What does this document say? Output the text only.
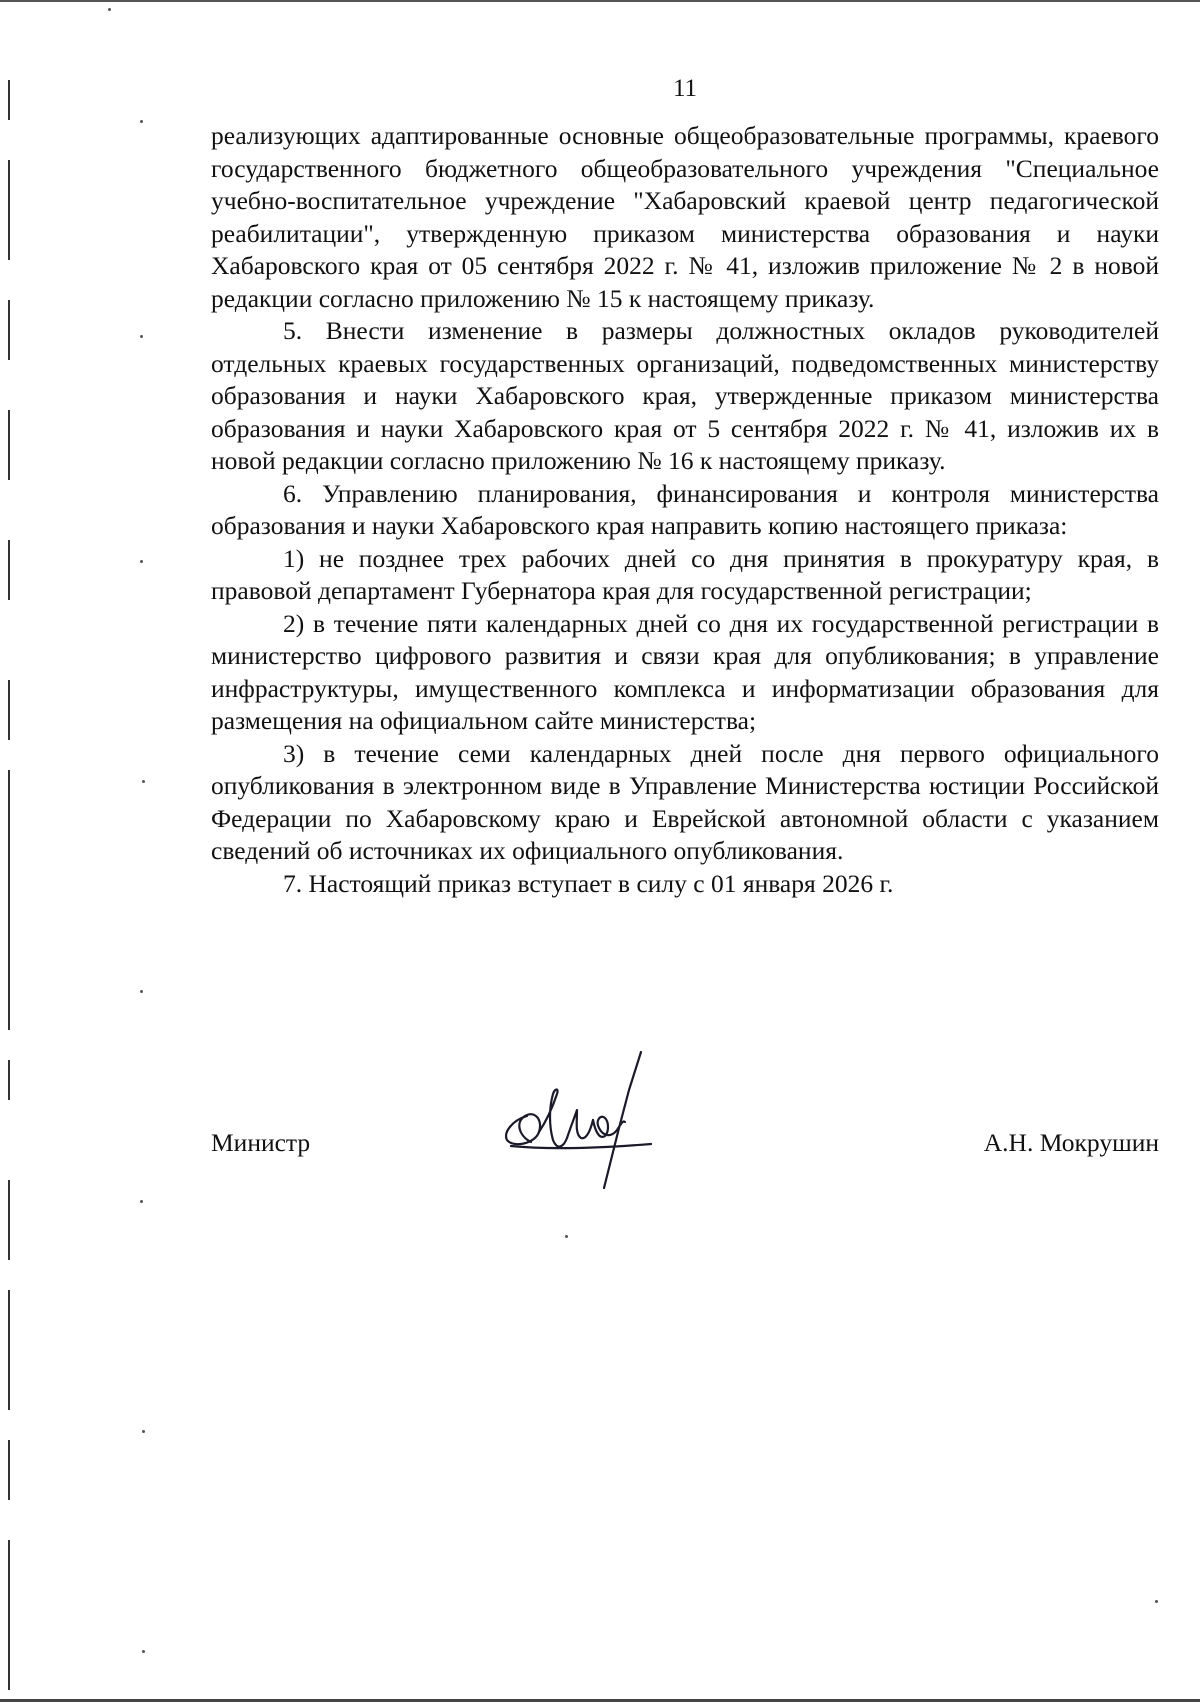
11

реализующих адаптированные основные общеобразовательные программы, краевого государственного бюджетного общеобразовательного учреждения "Специальное учебно-воспитательное учреждение "Хабаровский краевой центр педагогической реабилитации", утвержденную приказом министерства образования и науки Хабаровского края от 05 сентября 2022 г. № 41, изложив приложение № 2 в новой редакции согласно приложению № 15 к настоящему приказу.

5. Внести изменение в размеры должностных окладов руководителей отдельных краевых государственных организаций, подведомственных министерству образования и науки Хабаровского края, утвержденные приказом министерства образования и науки Хабаровского края от 5 сентября 2022 г. № 41, изложив их в новой редакции согласно приложению № 16 к настоящему приказу.

6. Управлению планирования, финансирования и контроля министерства образования и науки Хабаровского края направить копию настоящего приказа:

1) не позднее трех рабочих дней со дня принятия в прокуратуру края, в правовой департамент Губернатора края для государственной регистрации;

2) в течение пяти календарных дней со дня их государственной регистрации в министерство цифрового развития и связи края для опубликования; в управление инфраструктуры, имущественного комплекса и информатизации образования для размещения на официальном сайте министерства;

3) в течение семи календарных дней после дня первого официального опубликования в электронном виде в Управление Министерства юстиции Российской Федерации по Хабаровскому краю и Еврейской автономной области с указанием сведений об источниках их официального опубликования.

7. Настоящий приказ вступает в силу с 01 января 2026 г.

Министр	А.Н. Мокрушин
